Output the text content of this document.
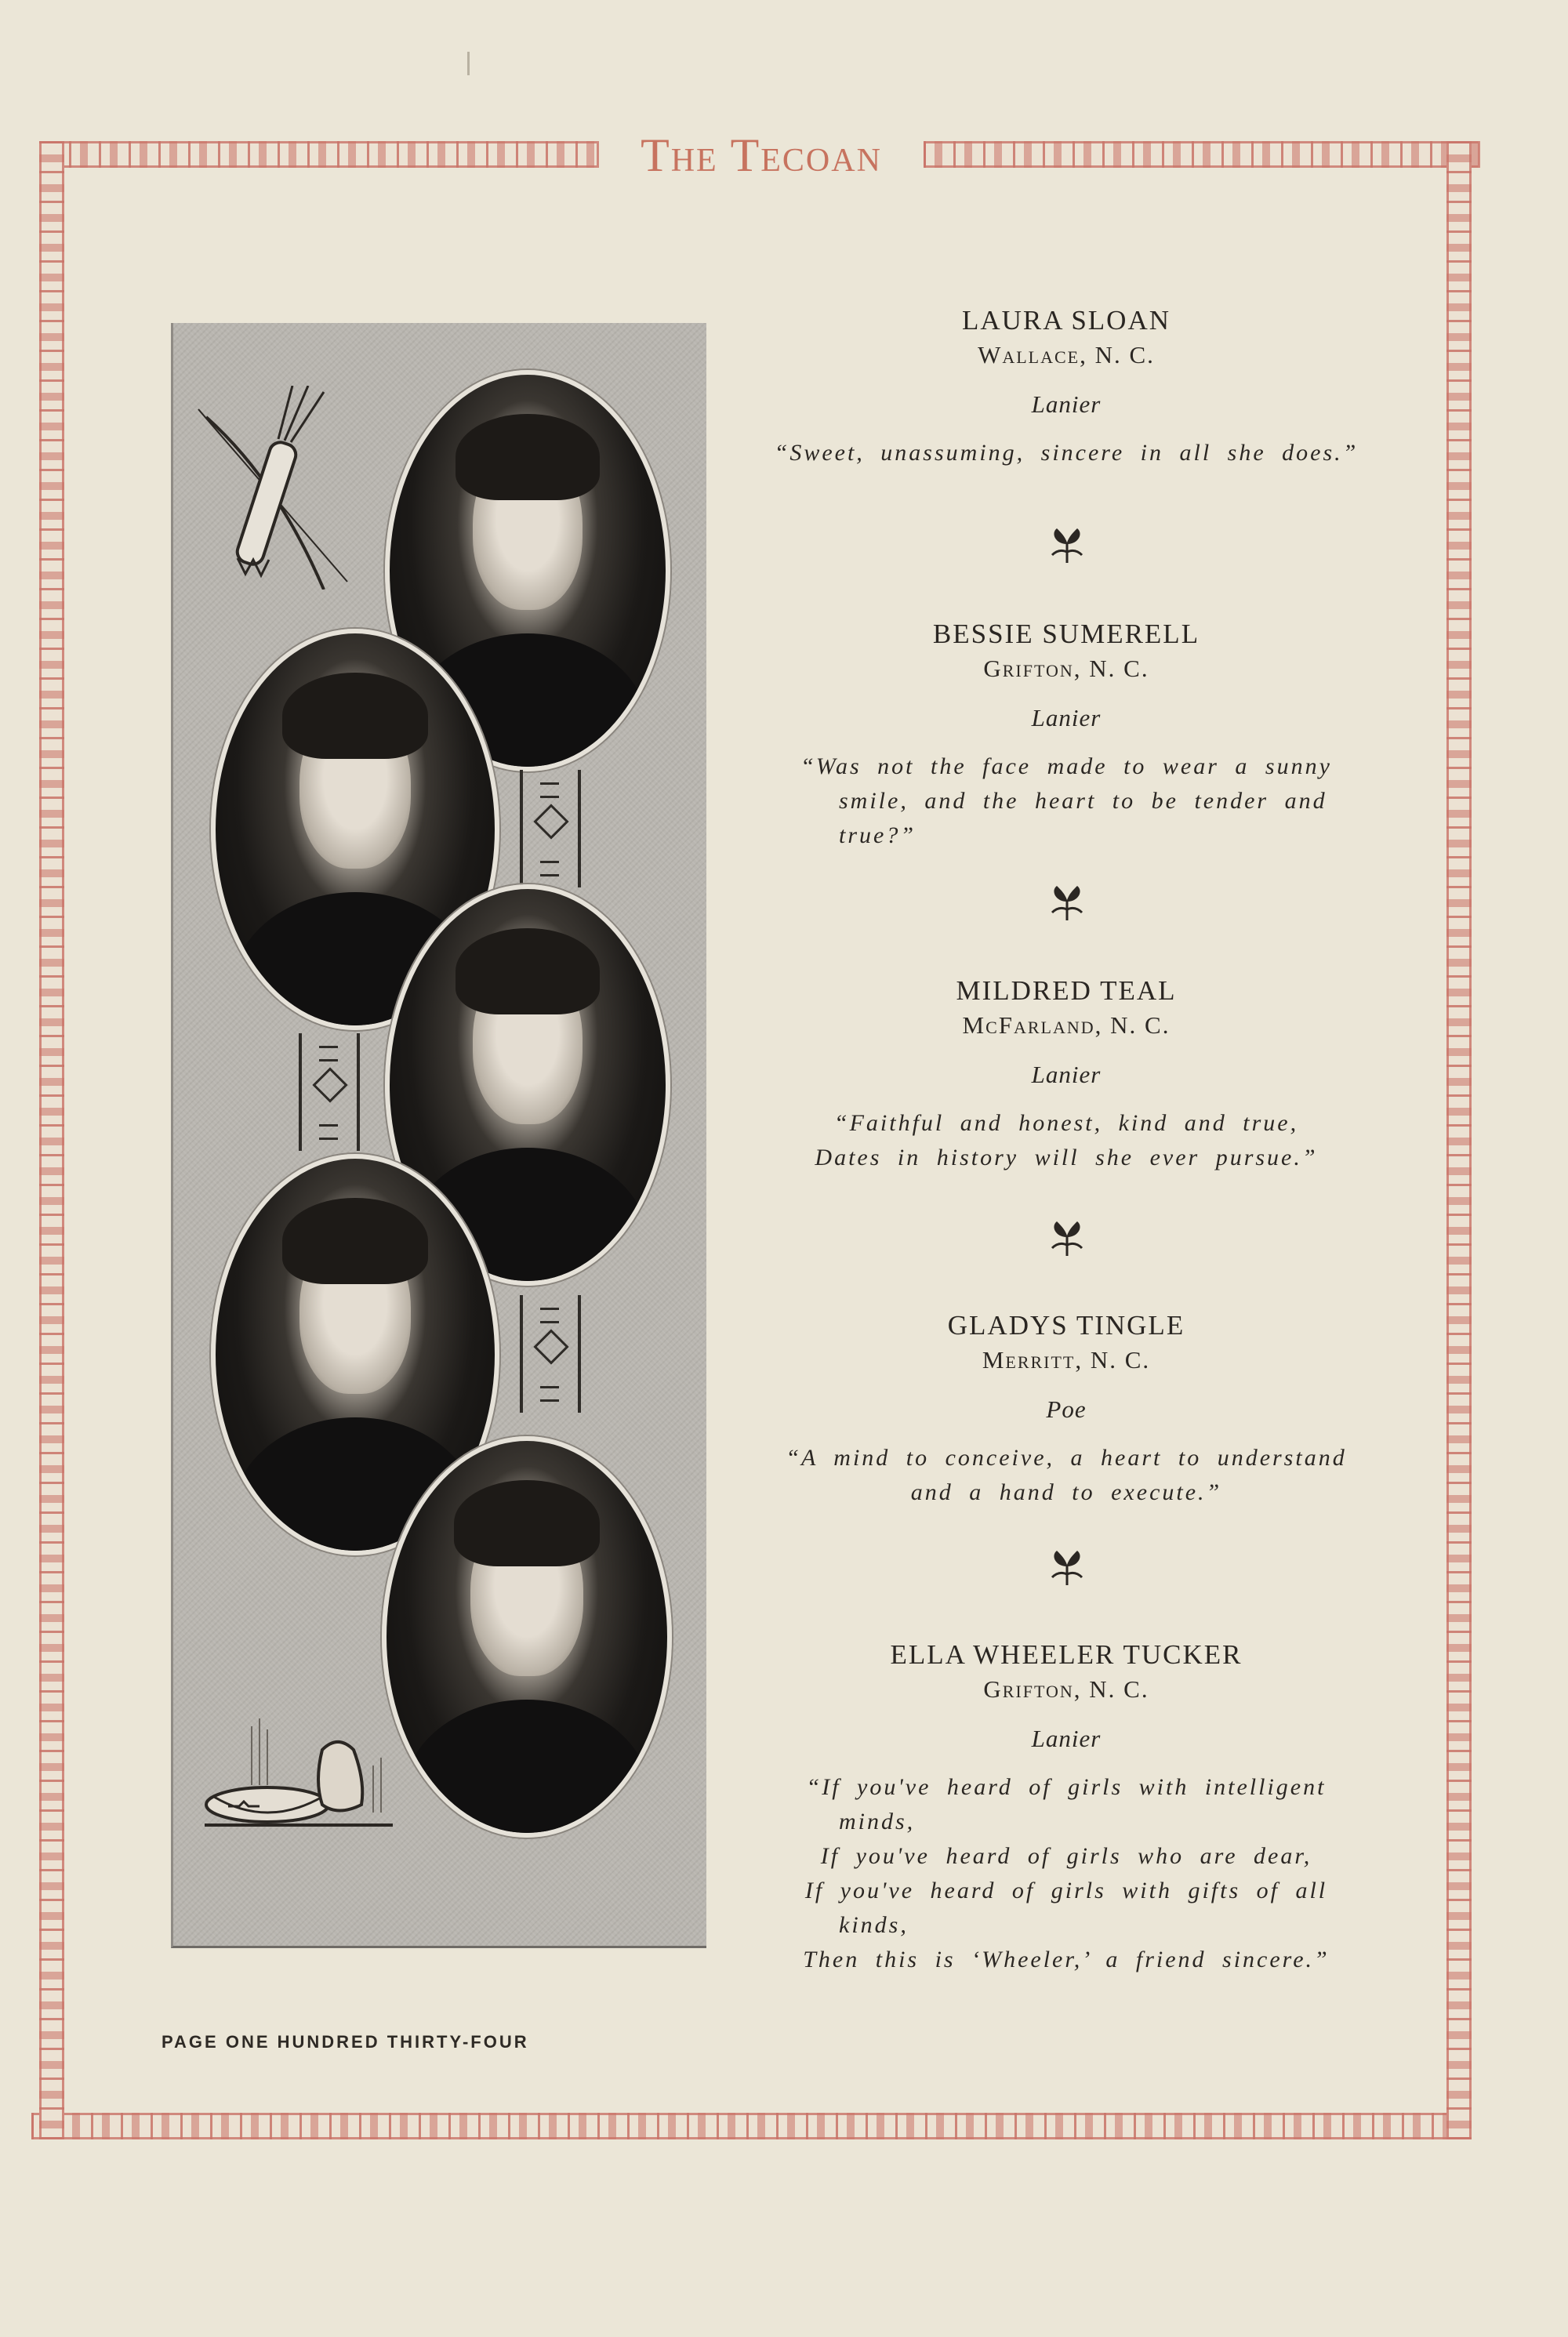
The Tecoan
LAURA SLOAN
Wallace, N. C.
Lanier
“Sweet, unassuming, sincere in all she does.”
BESSIE SUMERELL
Grifton, N. C.
Lanier
“Was not the face made to wear a sunny
smile, and the heart to be tender and
true?”
MILDRED TEAL
McFarland, N. C.
Lanier
“Faithful and honest, kind and true,
Dates in history will she ever pursue.”
GLADYS TINGLE
Merritt, N. C.
Poe
“A mind to conceive, a heart to understand
and a hand to execute.”
ELLA WHEELER TUCKER
Grifton, N. C.
Lanier
“If you've heard of girls with intelligent
minds,
If you've heard of girls who are dear,
If you've heard of girls with gifts of all
kinds,
Then this is ‘Wheeler,’ a friend sincere.”
PAGE ONE HUNDRED THIRTY-FOUR
